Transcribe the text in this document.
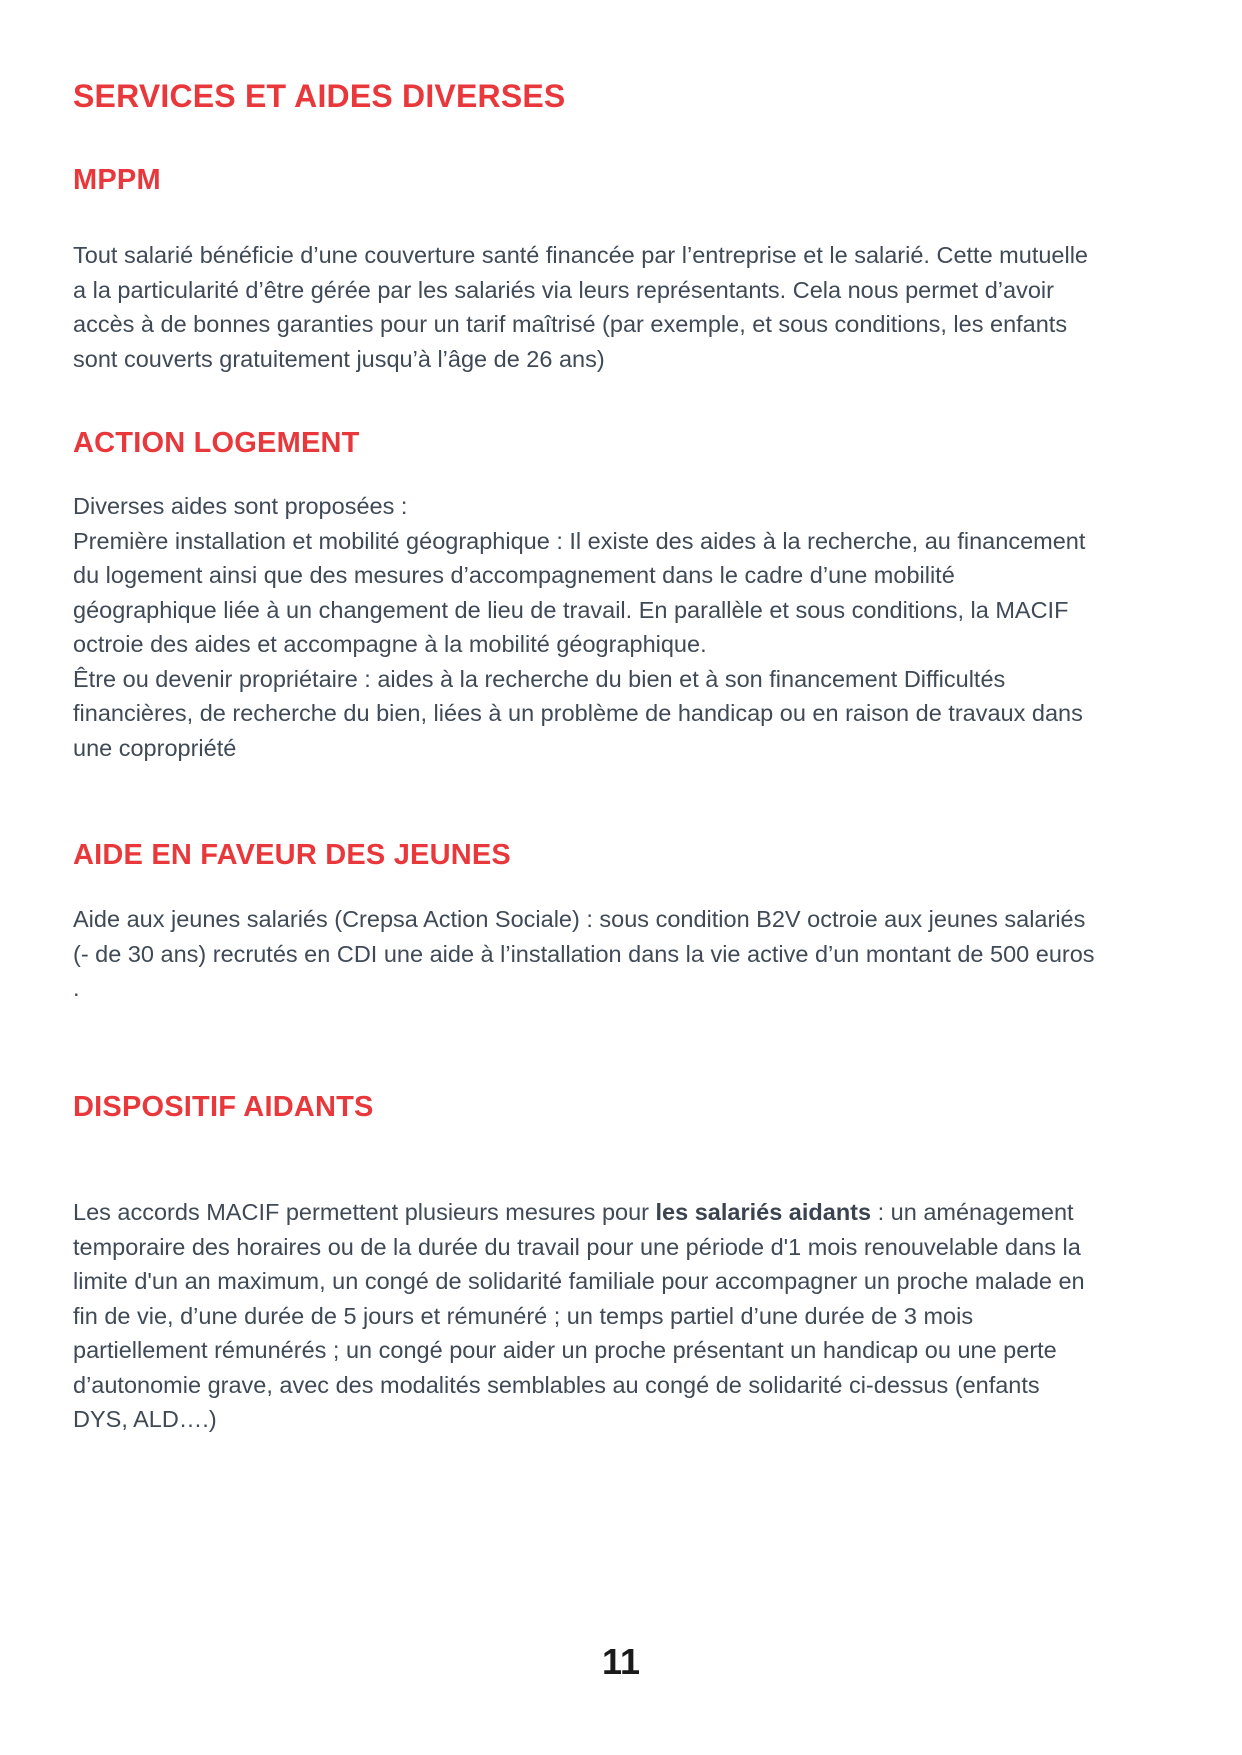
SERVICES ET AIDES DIVERSES
MPPM

Tout salarié bénéficie d’une couverture santé financée par l’entreprise et le salarié. Cette mutuelle
a la particularité d’être gérée par les salariés via leurs représentants. Cela nous permet d’avoir
accès à de bonnes garanties pour un tarif maîtrisé (par exemple, et sous conditions, les enfants
sont couverts gratuitement jusqu’à l’âge de 26 ans)

ACTION LOGEMENT

Diverses aides sont proposées :
Première installation et mobilité géographique : Il existe des aides à la recherche, au financement
du logement ainsi que des mesures d’accompagnement dans le cadre d’une mobilité
géographique liée à un changement de lieu de travail. En parallèle et sous conditions, la MACIF
octroie des aides et accompagne à la mobilité géographique.
Être ou devenir propriétaire : aides à la recherche du bien et à son financement Difficultés
financières, de recherche du bien, liées à un problème de handicap ou en raison de travaux dans
une copropriété

AIDE EN FAVEUR DES JEUNES

Aide aux jeunes salariés (Crepsa Action Sociale) : sous condition B2V octroie aux jeunes salariés
(- de 30 ans) recrutés en CDI une aide à l’installation dans la vie active d’un montant de 500 euros
.

DISPOSITIF AIDANTS

Les accords MACIF permettent plusieurs mesures pour les salariés aidants : un aménagement
temporaire des horaires ou de la durée du travail pour une période d'1 mois renouvelable dans la
limite d'un an maximum, un congé de solidarité familiale pour accompagner un proche malade en
fin de vie, d’une durée de 5 jours et rémunéré ; un temps partiel d’une durée de 3 mois
partiellement rémunérés ; un congé pour aider un proche présentant un handicap ou une perte
d’autonomie grave, avec des modalités semblables au congé de solidarité ci-dessus (enfants
DYS, ALD….)

11
